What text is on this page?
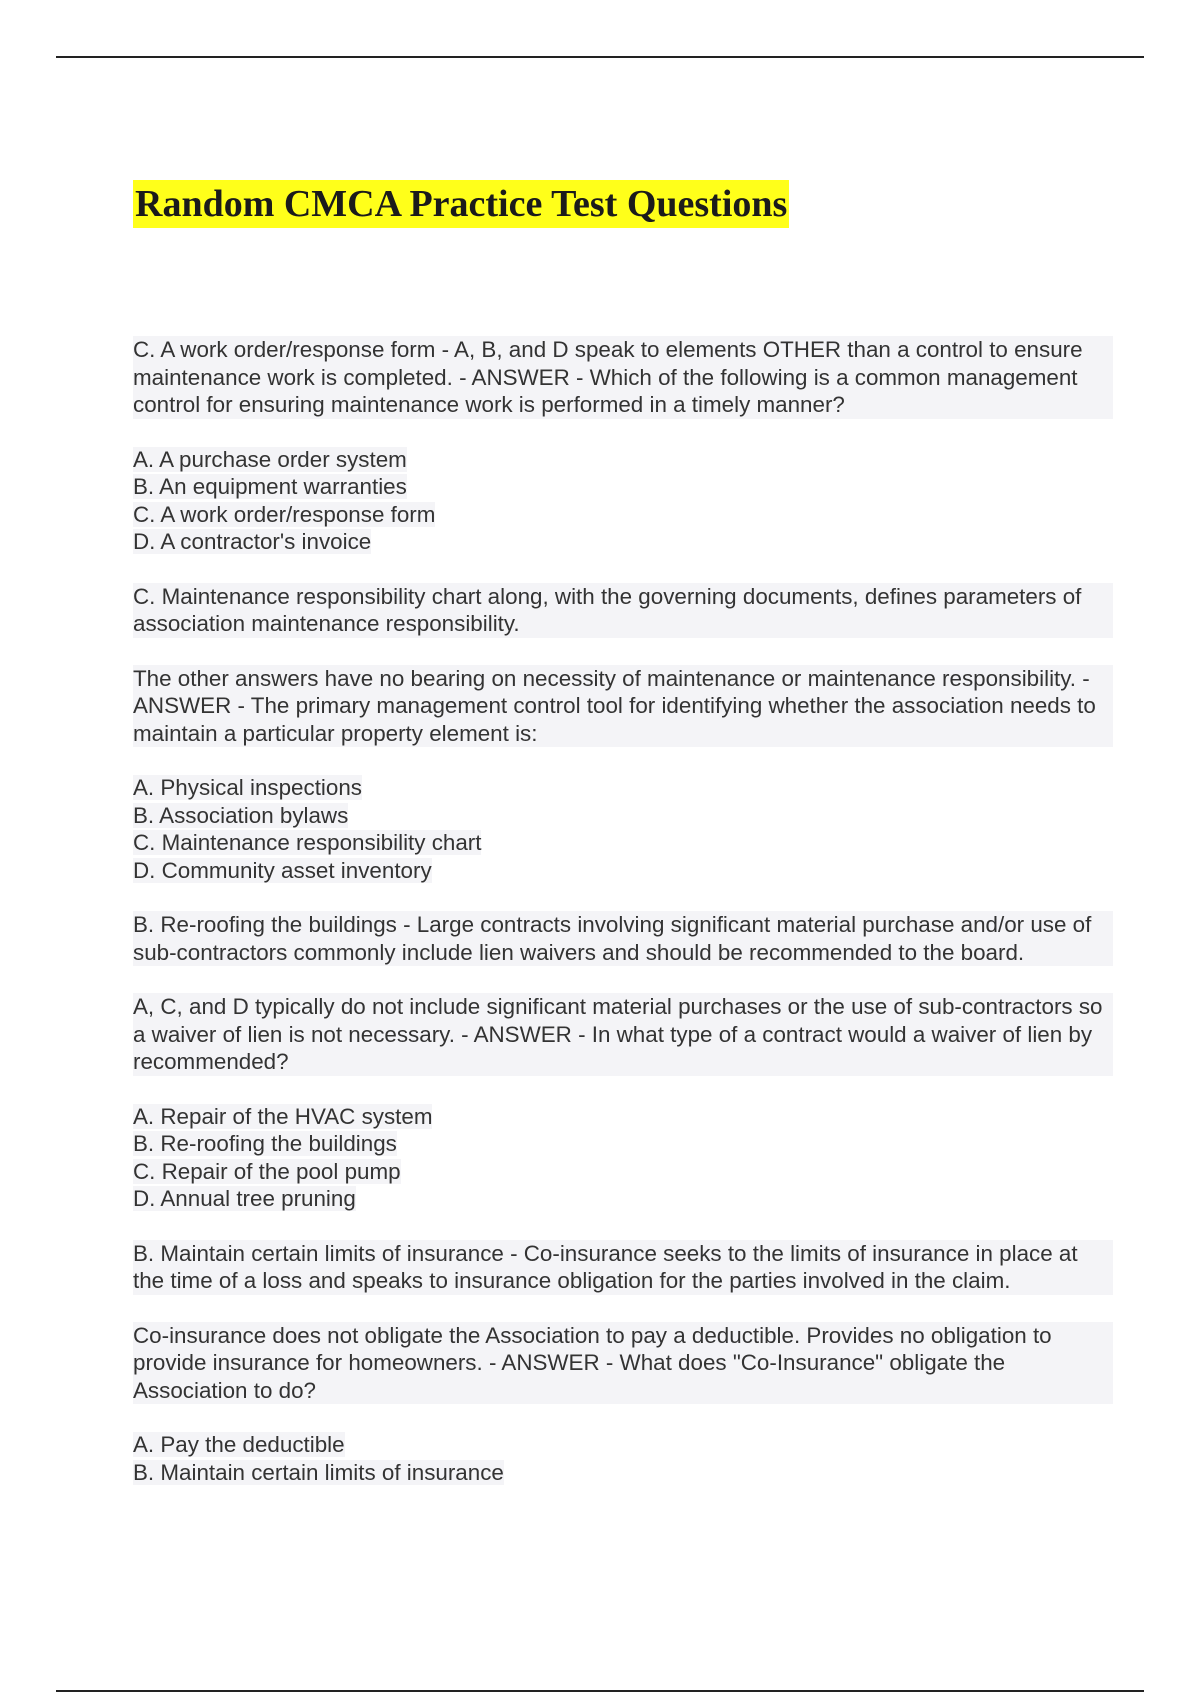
Random CMCA Practice Test Questions

C. A work order/response form - A, B, and D speak to elements OTHER than a control to ensure maintenance work is completed. - ANSWER - Which of the following is a common management control for ensuring maintenance work is performed in a timely manner?

A. A purchase order system
B. An equipment warranties
C. A work order/response form
D. A contractor's invoice

C. Maintenance responsibility chart along, with the governing documents, defines parameters of association maintenance responsibility.

The other answers have no bearing on necessity of maintenance or maintenance responsibility. - ANSWER - The primary management control tool for identifying whether the association needs to maintain a particular property element is:

A. Physical inspections
B. Association bylaws
C. Maintenance responsibility chart
D. Community asset inventory

B. Re-roofing the buildings - Large contracts involving significant material purchase and/or use of sub-contractors commonly include lien waivers and should be recommended to the board.

A, C, and D typically do not include significant material purchases or the use of sub-contractors so a waiver of lien is not necessary. - ANSWER - In what type of a contract would a waiver of lien by recommended?

A. Repair of the HVAC system
B. Re-roofing the buildings
C. Repair of the pool pump
D. Annual tree pruning

B. Maintain certain limits of insurance - Co-insurance seeks to the limits of insurance in place at the time of a loss and speaks to insurance obligation for the parties involved in the claim.

Co-insurance does not obligate the Association to pay a deductible. Provides no obligation to provide insurance for homeowners. - ANSWER - What does "Co-Insurance" obligate the Association to do?

A. Pay the deductible
B. Maintain certain limits of insurance
